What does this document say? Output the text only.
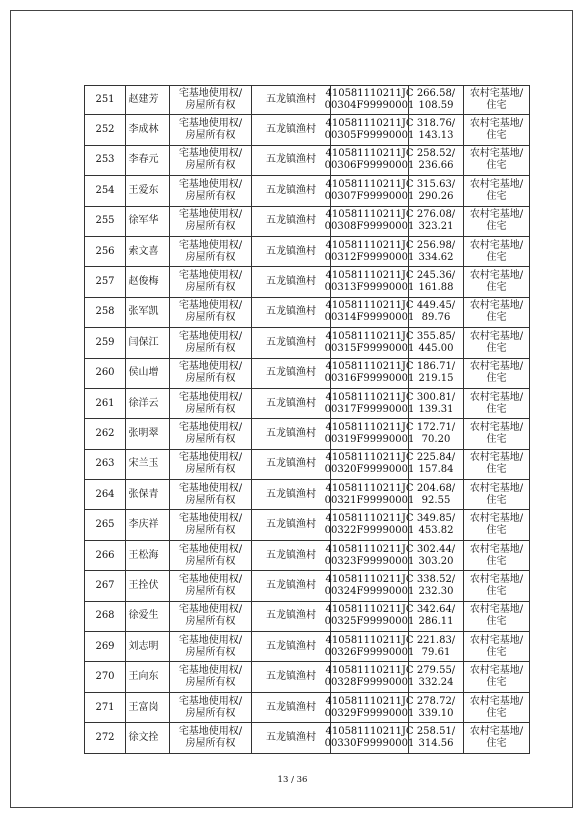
251 赵建芳
宅基地使用权/
房屋所有权
五龙镇渔村
410581110211JC
00304F99990001
266.58/
108.59
农村宅基地/
住宅
252 李成林
宅基地使用权/
房屋所有权
五龙镇渔村
410581110211JC
00305F99990001
318.76/
143.13
农村宅基地/
住宅
253 李春元
宅基地使用权/
房屋所有权
五龙镇渔村
410581110211JC
00306F99990001
258.52/
236.66
农村宅基地/
住宅
254 王爱东
宅基地使用权/
房屋所有权
五龙镇渔村
410581110211JC
00307F99990001
315.63/
290.26
农村宅基地/
住宅
255 徐军华
宅基地使用权/
房屋所有权
五龙镇渔村
410581110211JC
00308F99990001
276.08/
323.21
农村宅基地/
住宅
256 索文喜
宅基地使用权/
房屋所有权
五龙镇渔村
410581110211JC
00312F99990001
256.98/
334.62
农村宅基地/
住宅
257 赵俊梅
宅基地使用权/
房屋所有权
五龙镇渔村
410581110211JC
00313F99990001
245.36/
161.88
农村宅基地/
住宅
258 张军凯
宅基地使用权/
房屋所有权
五龙镇渔村
410581110211JC
00314F99990001
449.45/
89.76
农村宅基地/
住宅
259 闫保江
宅基地使用权/
房屋所有权
五龙镇渔村
410581110211JC
00315F99990001
355.85/
445.00
农村宅基地/
住宅
260 侯山增
宅基地使用权/
房屋所有权
五龙镇渔村
410581110211JC
00316F99990001
186.71/
219.15
农村宅基地/
住宅
261 徐洋云
宅基地使用权/
房屋所有权
五龙镇渔村
410581110211JC
00317F99990001
300.81/
139.31
农村宅基地/
住宅
262 张明翠
宅基地使用权/
房屋所有权
五龙镇渔村
410581110211JC
00319F99990001
172.71/
70.20
农村宅基地/
住宅
263 宋兰玉
宅基地使用权/
房屋所有权
五龙镇渔村
410581110211JC
00320F99990001
225.84/
157.84
农村宅基地/
住宅
264 张保青
宅基地使用权/
房屋所有权
五龙镇渔村
410581110211JC
00321F99990001
204.68/
92.55
农村宅基地/
住宅
265 李庆祥
宅基地使用权/
房屋所有权
五龙镇渔村
410581110211JC
00322F99990001
349.85/
453.82
农村宅基地/
住宅
266 王松海
宅基地使用权/
房屋所有权
五龙镇渔村
410581110211JC
00323F99990001
302.44/
303.20
农村宅基地/
住宅
267 王拴伏
宅基地使用权/
房屋所有权
五龙镇渔村
410581110211JC
00324F99990001
338.52/
232.30
农村宅基地/
住宅
268 徐爱生
宅基地使用权/
房屋所有权
五龙镇渔村
410581110211JC
00325F99990001
342.64/
286.11
农村宅基地/
住宅
269 刘志明
宅基地使用权/
房屋所有权
五龙镇渔村
410581110211JC
00326F99990001
221.83/
79.61
农村宅基地/
住宅
270 王向东
宅基地使用权/
房屋所有权
五龙镇渔村
410581110211JC
00328F99990001
279.55/
332.24
农村宅基地/
住宅
271 王富岗
宅基地使用权/
房屋所有权
五龙镇渔村
410581110211JC
00329F99990001
278.72/
339.10
农村宅基地/
住宅
272 徐文拴
宅基地使用权/
房屋所有权
五龙镇渔村
410581110211JC
00330F99990001
258.51/
314.56
农村宅基地/
住宅
13 / 36
